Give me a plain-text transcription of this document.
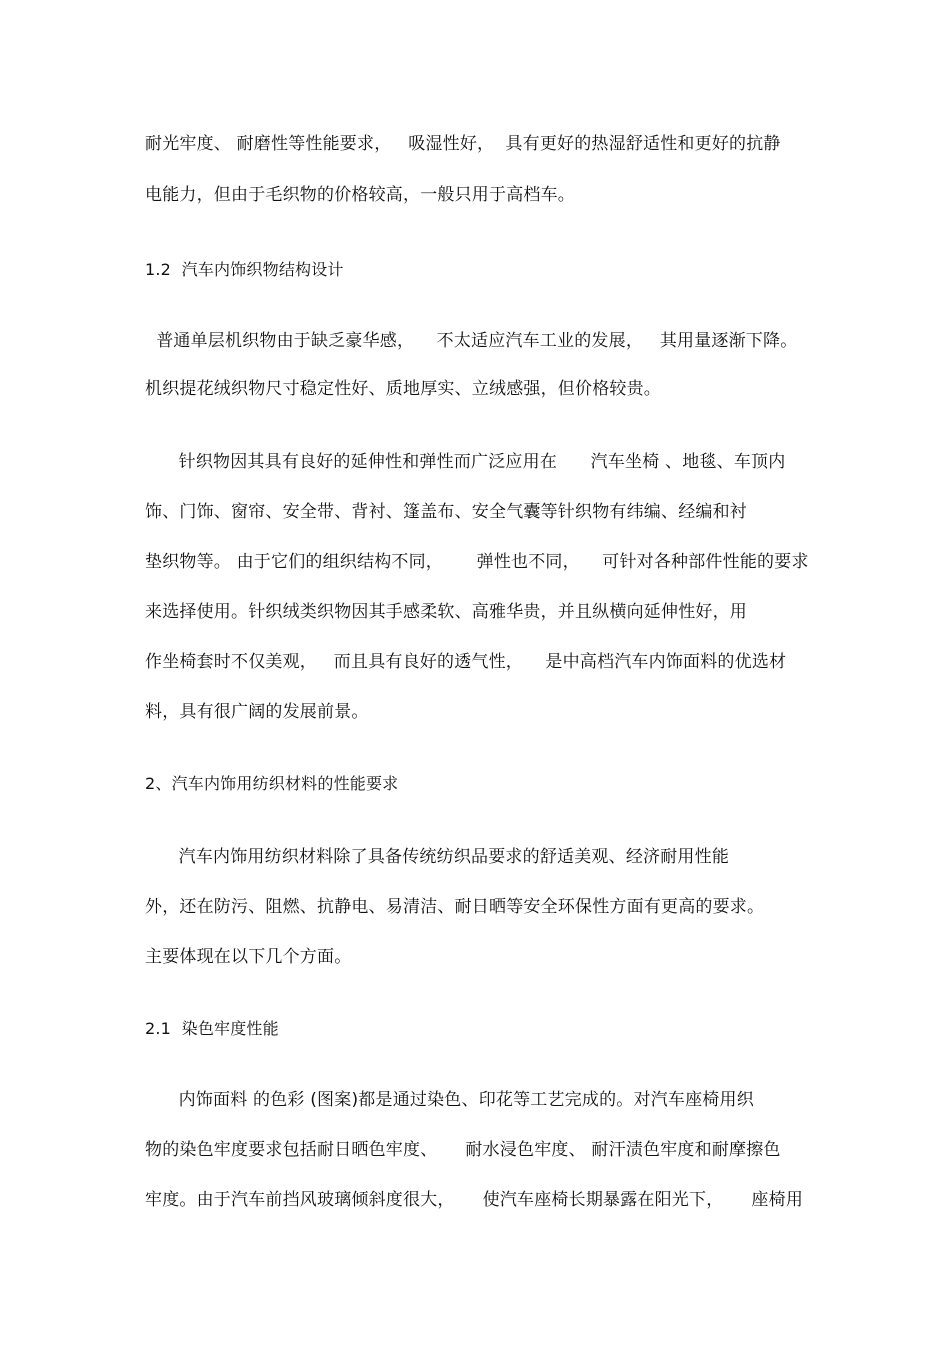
耐光牢度、 耐磨性等性能要求，   吸湿性好，  具有更好的热湿舒适性和更好的抗静

电能力，但由于毛织物的价格较高，一般只用于高档车。

1.2  汽车内饰织物结构设计

普通单层机织物由于缺乏豪华感，    不太适应汽车工业的发展，   其用量逐渐下降。

机织提花绒织物尺寸稳定性好、质地厚实、立绒感强，但价格较贵。

针织物因其具有良好的延伸性和弹性而广泛应用在      汽车坐椅 、地毯、车顶内

饰、门饰、窗帘、安全带、背衬、篷盖布、安全气囊等针织物有纬编、经编和衬

垫织物等。 由于它们的组织结构不同，      弹性也不同，    可针对各种部件性能的要求

来选择使用。针织绒类织物因其手感柔软、高雅华贵，并且纵横向延伸性好，用

作坐椅套时不仅美观，   而且具有良好的透气性，    是中高档汽车内饰面料的优选材

料，具有很广阔的发展前景。

2、汽车内饰用纺织材料的性能要求

汽车内饰用纺织材料除了具备传统纺织品要求的舒适美观、经济耐用性能

外，还在防污、阻燃、抗静电、易清洁、耐日晒等安全环保性方面有更高的要求。

主要体现在以下几个方面。

2.1  染色牢度性能

内饰面料 的色彩 (图案)都是通过染色、印花等工艺完成的。对汽车座椅用织

物的染色牢度要求包括耐日晒色牢度、     耐水浸色牢度、 耐汗渍色牢度和耐摩擦色

牢度。由于汽车前挡风玻璃倾斜度很大，     使汽车座椅长期暴露在阳光下，     座椅用
